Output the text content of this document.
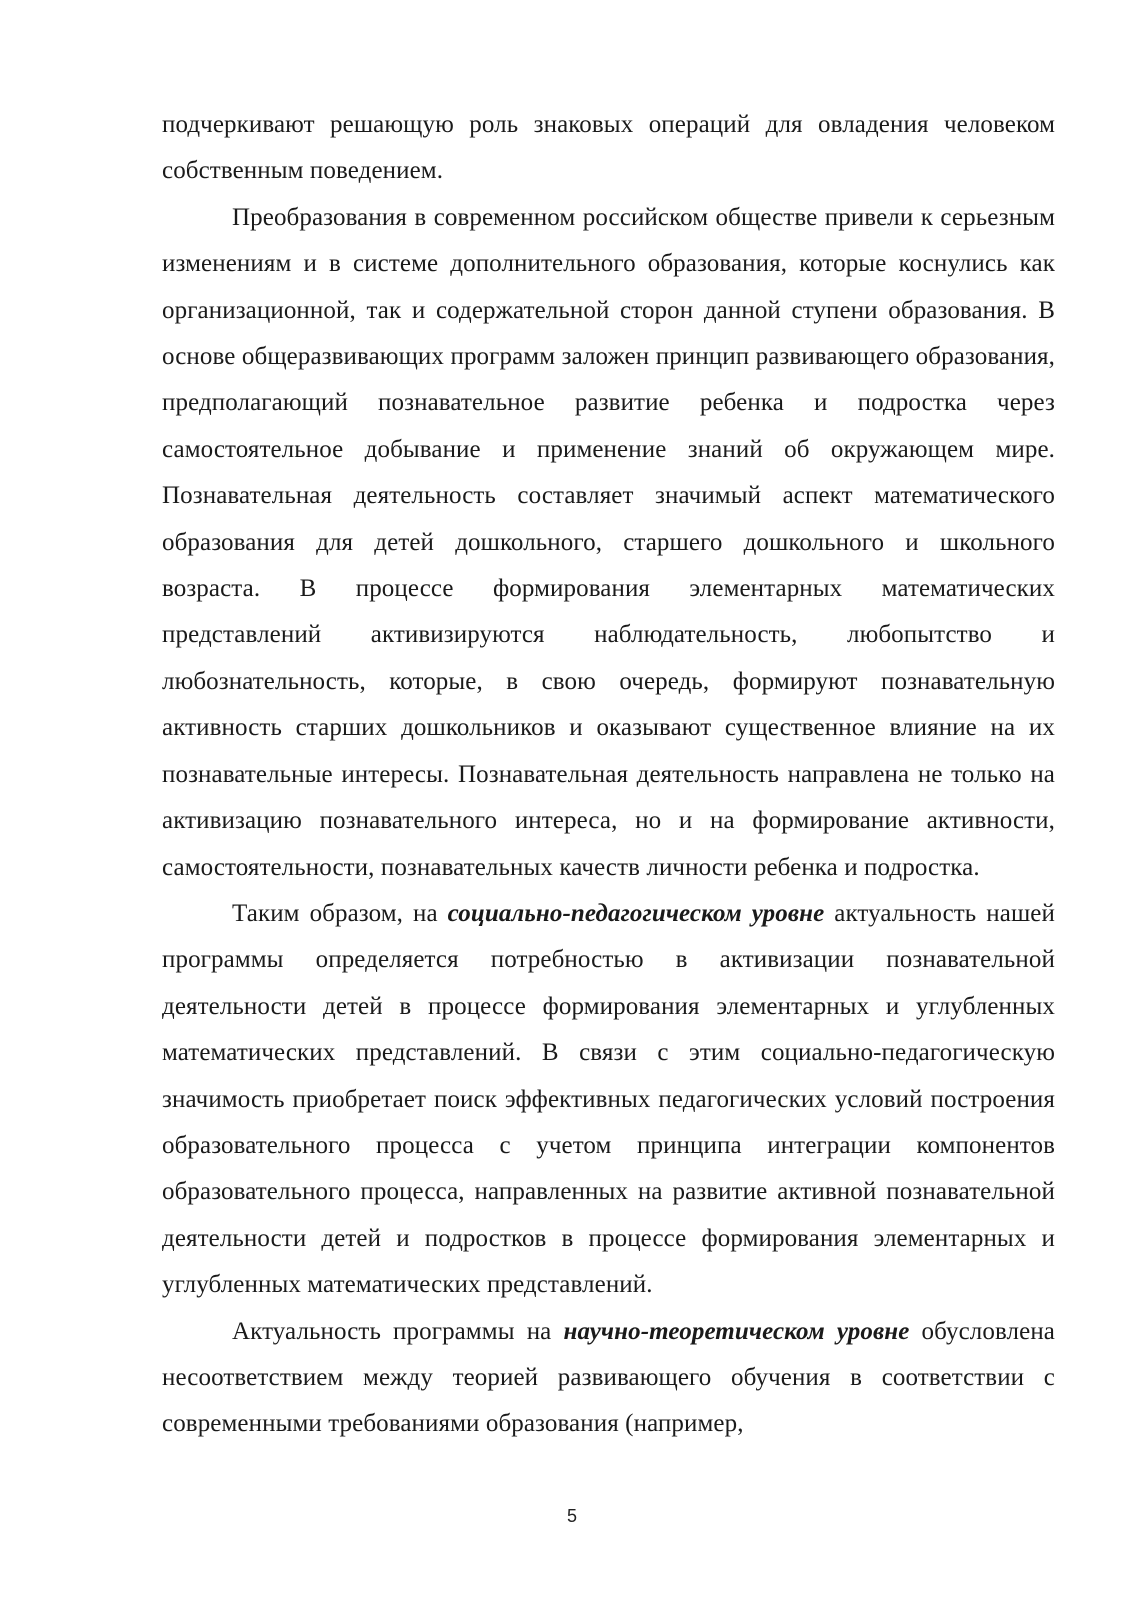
подчеркивают решающую роль знаковых операций для овладения человеком собственным поведением.

Преобразования в современном российском обществе привели к серьезным изменениям и в системе дополнительного образования, которые коснулись как организационной, так и содержательной сторон данной ступени образования. В основе общеразвивающих программ заложен принцип развивающего образования, предполагающий познавательное развитие ребенка и подростка через самостоятельное добывание и применение знаний об окружающем мире. Познавательная деятельность составляет значимый аспект математического образования для детей дошкольного, старшего дошкольного и школьного возраста. В процессе формирования элементарных математических представлений активизируются наблюдательность, любопытство и любознательность, которые, в свою очередь, формируют познавательную активность старших дошкольников и оказывают существенное влияние на их познавательные интересы. Познавательная деятельность направлена не только на активизацию познавательного интереса, но и на формирование активности, самостоятельности, познавательных качеств личности ребенка и подростка.

Таким образом, на социально-педагогическом уровне актуальность нашей программы определяется потребностью в активизации познавательной деятельности детей в процессе формирования элементарных и углубленных математических представлений. В связи с этим социально-педагогическую значимость приобретает поиск эффективных педагогических условий построения образовательного процесса с учетом принципа интеграции компонентов образовательного процесса, направленных на развитие активной познавательной деятельности детей и подростков в процессе формирования элементарных и углубленных математических представлений.

Актуальность программы на научно-теоретическом уровне обусловлена несоответствием между теорией развивающего обучения в соответствии с современными требованиями образования (например,

5
